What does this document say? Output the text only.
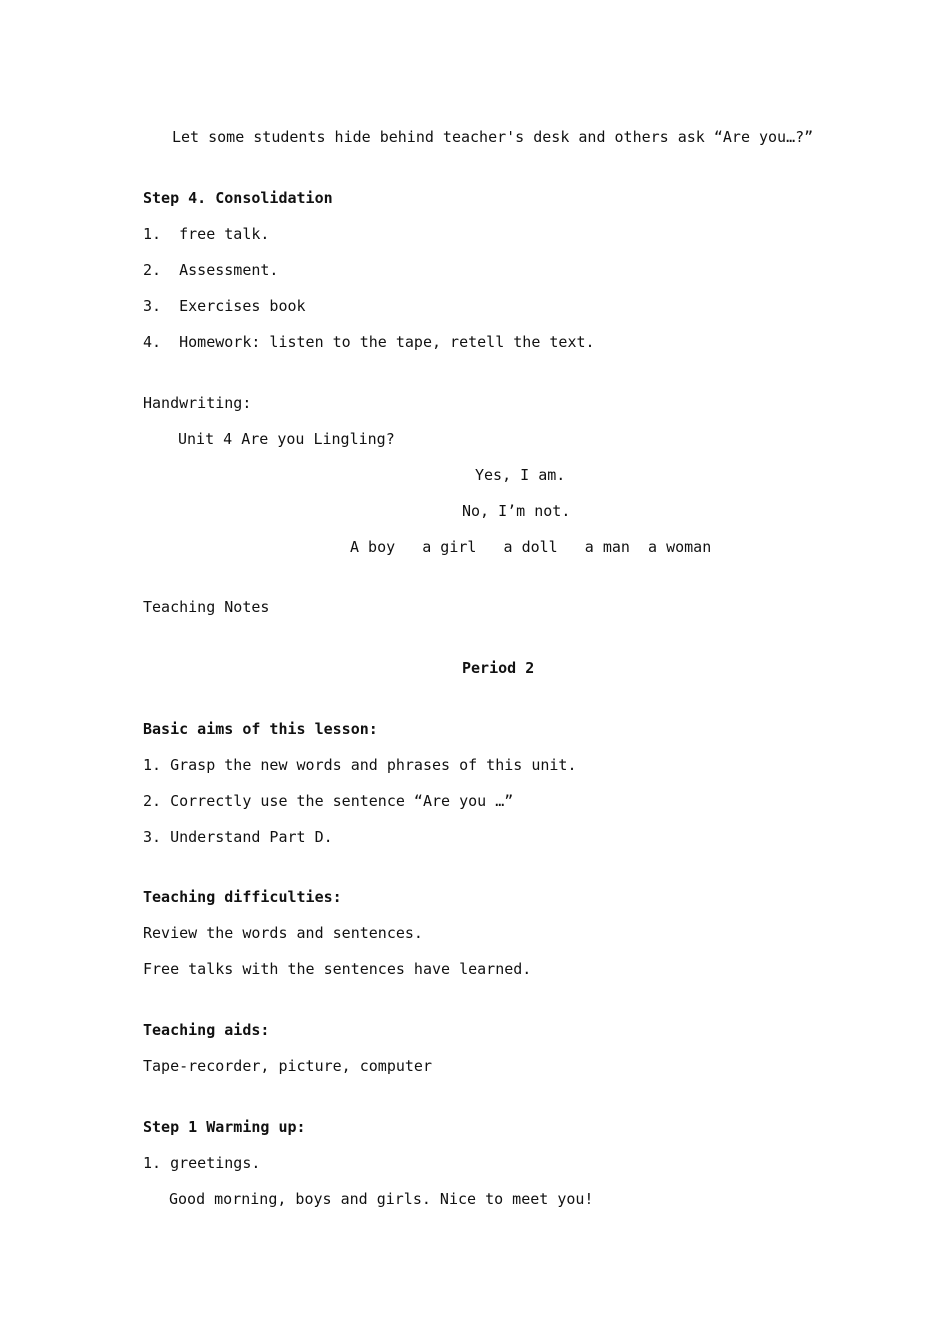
Let some students hide behind teacher's desk and others ask “Are you…?”
Step 4. Consolidation
1.  free talk.
2.  Assessment.
3.  Exercises book
4.  Homework: listen to the tape, retell the text.
Handwriting:
Unit 4 Are you Lingling?
Yes, I am.
No, I’m not.
A boy   a girl   a doll   a man  a woman
Teaching Notes
Period 2
Basic aims of this lesson:
1. Grasp the new words and phrases of this unit.
2. Correctly use the sentence “Are you …”
3. Understand Part D.
Teaching difficulties:
Review the words and sentences.
Free talks with the sentences have learned.
Teaching aids:
Tape-recorder, picture, computer
Step 1 Warming up:
1. greetings.
Good morning, boys and girls. Nice to meet you!
